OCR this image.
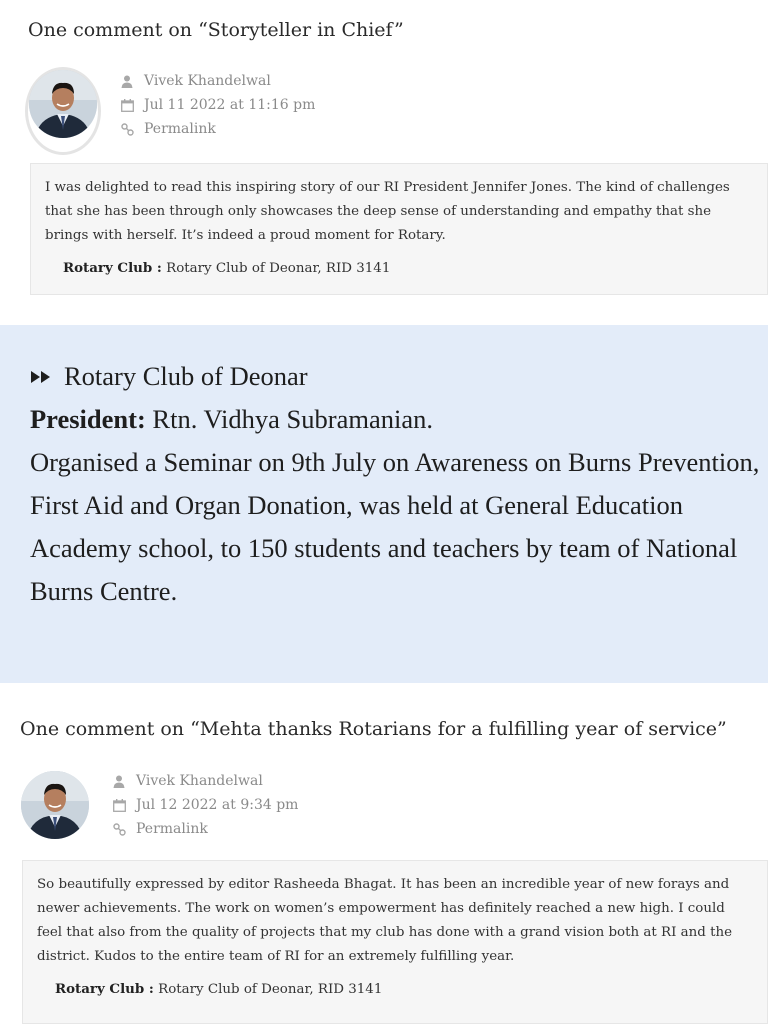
One comment on “Storyteller in Chief”
Vivek Khandelwal
Jul 11 2022 at 11:16 pm
Permalink
I was delighted to read this inspiring story of our RI President Jennifer Jones. The kind of challenges that she has been through only showcases the deep sense of understanding and empathy that she brings with herself. It’s indeed a proud moment for Rotary.
Rotary Club : Rotary Club of Deonar, RID 3141
Rotary Club of Deonar
President: Rtn. Vidhya Subramanian.
Organised a Seminar on 9th July on Awareness on Burns Prevention, First Aid and Organ Donation, was held at General Education Academy school, to 150 students and teachers by team of National Burns Centre.
One comment on “Mehta thanks Rotarians for a fulfilling year of service”
Vivek Khandelwal
Jul 12 2022 at 9:34 pm
Permalink
So beautifully expressed by editor Rasheeda Bhagat. It has been an incredible year of new forays and newer achievements. The work on women’s empowerment has definitely reached a new high. I could feel that also from the quality of projects that my club has done with a grand vision both at RI and the district. Kudos to the entire team of RI for an extremely fulfilling year.
Rotary Club : Rotary Club of Deonar, RID 3141
